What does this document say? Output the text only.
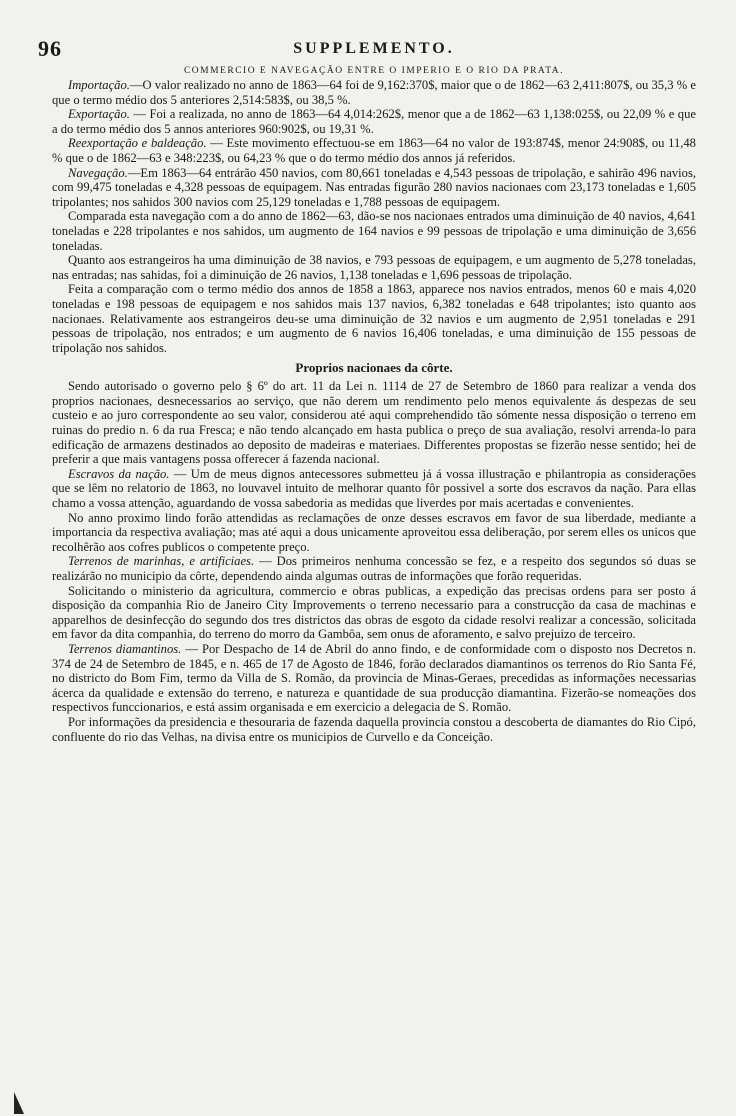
96	SUPPLEMENTO.
COMMERCIO E NAVEGAÇÃO ENTRE O IMPERIO E O RIO DA PRATA.

Importação.—O valor realizado no anno de 1863—64 foi de 9,162:370$, maior que o de 1862—63 2,411:807$, ou 35,3 % e que o termo médio dos 5 anteriores 2,514:583$, ou 38,5 %.

Exportação. — Foi a realizada, no anno de 1863—64 4,014:262$, menor que a de 1862—63 1,138:025$, ou 22,09 % e que a do termo médio dos 5 annos anteriores 960:902$, ou 19,31 %.

Reexportação e baldeação. — Este movimento effectuou-se em 1863—64 no valor de 193:874$, menor 24:908$, ou 11,48 % que o de 1862—63 e 348:223$, ou 64,23 % que o do termo médio dos annos já referidos.

Navegação.—Em 1863—64 entrárão 450 navios, com 80,661 toneladas e 4,543 pessoas de tripolação, e sahirão 496 navios, com 99,475 toneladas e 4,328 pessoas de equipagem. Nas entradas figurão 280 navios nacionaes com 23,173 toneladas e 1,605 tripolantes; nos sahidos 300 navios com 25,129 toneladas e 1,788 pessoas de equipagem.

Comparada esta navegação com a do anno de 1862—63, dão-se nos nacionaes entrados uma diminuição de 40 navios, 4,641 toneladas e 228 tripolantes e nos sahidos, um augmento de 164 navios e 99 pessoas de tripolação e uma diminuição de 3,656 toneladas.

Quanto aos estrangeiros ha uma diminuição de 38 navios, e 793 pessoas de equipagem, e um augmento de 5,278 toneladas, nas entradas; nas sahidas, foi a diminuição de 26 navios, 1,138 toneladas e 1,696 pessoas de tripolação.

Feita a comparação com o termo médio dos annos de 1858 a 1863, apparece nos navios entrados, menos 60 e mais 4,020 toneladas e 198 pessoas de equipagem e nos sahidos mais 137 navios, 6,382 toneladas e 648 tripolantes; isto quanto aos nacionaes. Relativamente aos estrangeiros deu-se uma diminuição de 32 navios e um augmento de 2,951 toneladas e 291 pessoas de tripolação, nos entrados; e um augmento de 6 navios 16,406 toneladas, e uma diminuição de 155 pessoas de tripolação nos sahidos.

Proprios nacionaes da côrte.

Sendo autorisado o governo pelo § 6º do art. 11 da Lei n. 1114 de 27 de Setembro de 1860 para realizar a venda dos proprios nacionaes, desnecessarios ao serviço, que não derem um rendimento pelo menos equivalente ás despezas de seu custeio e ao juro correspondente ao seu valor, considerou até aqui comprehendido tão sómente nessa disposição o terreno em ruinas do predio n. 6 da rua Fresca; e não tendo alcançado em hasta publica o preço de sua avaliação, resolvi arrenda-lo para edificação de armazens destinados ao deposito de madeiras e materiaes. Differentes propostas se fizerão nesse sentido; hei de preferir a que mais vantagens possa offerecer á fazenda nacional.

Escravos da nação. — Um de meus dignos antecessores submetteu já á vossa illustração e philantropia as considerações que se lêm no relatorio de 1863, no louvavel intuito de melhorar quanto fôr possivel a sorte dos escravos da nação. Para ellas chamo a vossa attenção, aguardando de vossa sabedoria as medidas que liverdes por mais acertadas e convenientes.

No anno proximo lindo forão attendidas as reclamações de onze desses escravos em favor de sua liberdade, mediante a importancia da respectiva avaliação; mas até aqui a dous unicamente aproveitou essa deliberação, por serem elles os unicos que recolhêrão aos cofres publicos o competente preço.

Terrenos de marinhas, e artificiaes. — Dos primeiros nenhuma concessão se fez, e a respeito dos segundos só duas se realizárão no municipio da côrte, dependendo ainda algumas outras de informações que forão requeridas.

Solicitando o ministerio da agricultura, commercio e obras publicas, a expedição das precisas ordens para ser posto á disposição da companhia Rio de Janeiro City Improvements o terreno necessario para a construcção da casa de machinas e apparelhos de desinfecção do segundo dos tres districtos das obras de esgoto da cidade resolvi realizar a concessão, solicitada em favor da dita companhia, do terreno do morro da Gambôa, sem onus de aforamento, e salvo prejuizo de terceiro.

Terrenos diamantinos. — Por Despacho de 14 de Abril do anno findo, e de conformidade com o disposto nos Decretos n. 374 de 24 de Setembro de 1845, e n. 465 de 17 de Agosto de 1846, forão declarados diamantinos os terrenos do Rio Santa Fé, no districto do Bom Fim, termo da Villa de S. Romão, da provincia de Minas-Geraes, precedidas as informações necessarias ácerca da qualidade e extensão do terreno, e natureza e quantidade de sua producção diamantina. Fizerão-se nomeações dos respectivos funccionarios, e está assim organisada e em exercicio a delegacia de S. Romão.

Por informações da presidencia e thesouraria de fazenda daquella provincia constou a descoberta de diamantes do Rio Cipó, confluente do rio das Velhas, na divisa entre os municipios de Curvello e da Conceição.
